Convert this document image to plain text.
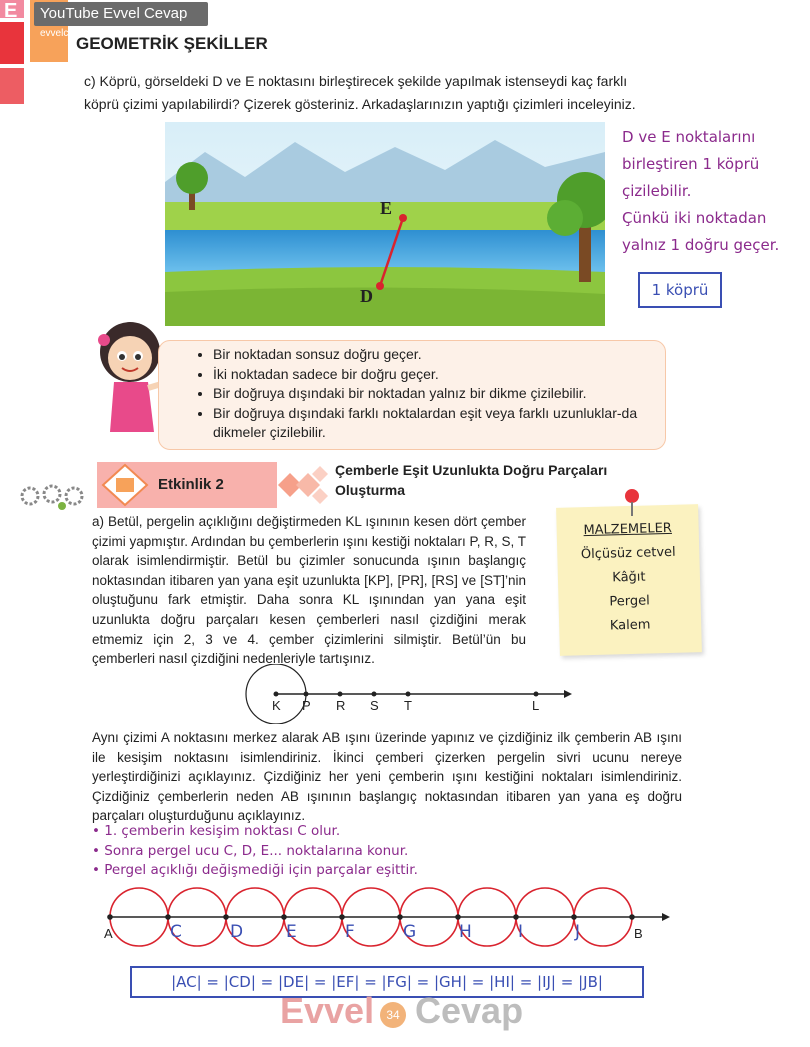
E	YouTube Evvel Cevap
evvelcevap.com
GEOMETRİK ŞEKİLLER
c) Köprü, görseldeki D ve E noktasını birleştirecek şekilde yapılmak istenseydi kaç farklı
köprü çizimi yapılabilirdi? Çizerek gösteriniz. Arkadaşlarınızın yaptığı çizimleri inceleyiniz.
E
D
D ve E noktalarını
birleştiren 1 köprü
çizilebilir.
Çünkü iki noktadan
yalnız 1 doğru geçer.
1 köprü
• Bir noktadan sonsuz doğru geçer.
• İki noktadan sadece bir doğru geçer.
• Bir doğruya dışındaki bir noktadan yalnız bir dikme çizilebilir.
• Bir doğruya dışındaki farklı noktalardan eşit veya farklı uzunluklar-da dikmeler çizilebilir.
Etkinlik 2
Çemberle Eşit Uzunlukta Doğru Parçaları
Oluşturma
a) Betül, pergelin açıklığını değiştirmeden KL ışınının kesen dört çember çizimi yapmıştır. Ardından bu çemberlerin ışını kestiği noktaları P, R, S, T olarak isimlendirmiştir. Betül bu çizimler sonucunda ışının başlangıç noktasından itibaren yan yana eşit uzunlukta [KP], [PR], [RS] ve [ST]’nin oluştuğunu fark etmiştir. Daha sonra KL ışınından yan yana eşit uzunlukta doğru parçaları kesen çemberleri nasıl çizdiğini merak etmemiz için 2, 3 ve 4. çember çizimlerini silmiştir. Betül’ün bu çemberleri nasıl çizdiğini nedenleriyle tartışınız.
MALZEMELER
Ölçüsüz cetvel
Kâğıt
Pergel
Kalem
K P R S T	L
Aynı çizimi A noktasını merkez alarak AB ışını üzerinde yapınız ve çizdiğiniz ilk çemberin AB ışını ile kesişim noktasını isimlendiriniz. İkinci çemberi çizerken pergelin sivri ucunu nereye yerleştirdiğinizi açıklayınız. Çizdiğiniz her yeni çemberin ışını kestiğini noktaları isimlendiriniz. Çizdiğiniz çemberlerin neden AB ışınının başlangıç noktasından itibaren yan yana eş doğru parçaları oluşturduğunu açıklayınız.
• 1. çemberin kesişim noktası C olur.
• Sonra pergel ucu C, D, E... noktalarına konur.
• Pergel açıklığı değişmediği için parçalar eşittir.
A	B
C	D	E	F	G	H	I	J
|AC| = |CD| = |DE| = |EF| = |FG| = |GH| = |HI| = |IJ| = |JB|
Evvel Cevap
34
